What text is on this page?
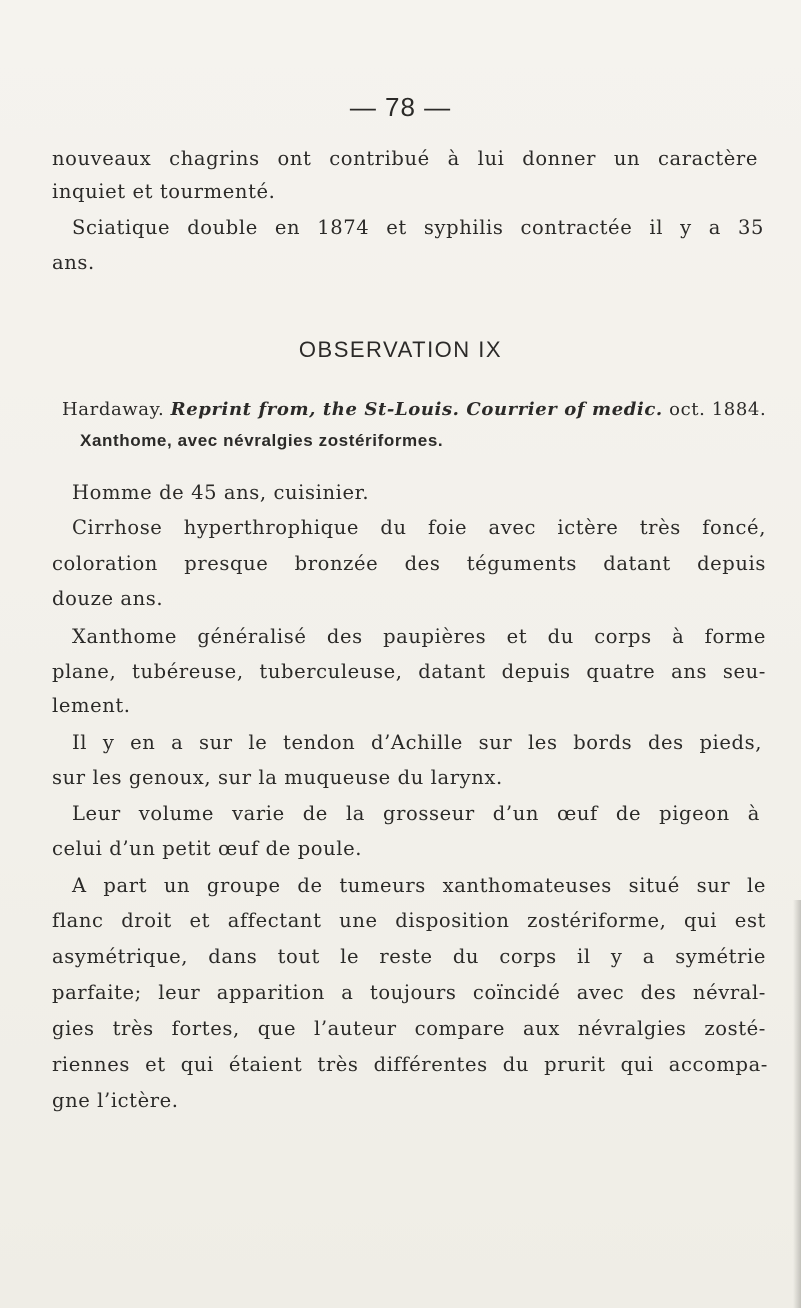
— 78 —
nouveaux chagrins ont contribué à lui donner un caractère
inquiet et tourmenté.
Sciatique double en 1874 et syphilis contractée il y a 35
ans.
OBSERVATION IX
Hardaway. Reprint from, the St-Louis. Courrier of medic. oct. 1884.
Xanthome, avec névralgies zostériformes.
Homme de 45 ans, cuisinier.
Cirrhose hyperthrophique du foie avec ictère très foncé,
coloration presque bronzée des téguments datant depuis
douze ans.
Xanthome généralisé des paupières et du corps à forme
plane, tubéreuse, tuberculeuse, datant depuis quatre ans seu-
lement.
Il y en a sur le tendon d’Achille sur les bords des pieds,
sur les genoux, sur la muqueuse du larynx.
Leur volume varie de la grosseur d’un œuf de pigeon à
celui d’un petit œuf de poule.
A part un groupe de tumeurs xanthomateuses situé sur le
flanc droit et affectant une disposition zostériforme, qui est
asymétrique, dans tout le reste du corps il y a symétrie
parfaite; leur apparition a toujours coïncidé avec des névral-
gies très fortes, que l’auteur compare aux névralgies zosté-
riennes et qui étaient très différentes du prurit qui accompa-
gne l’ictère.
